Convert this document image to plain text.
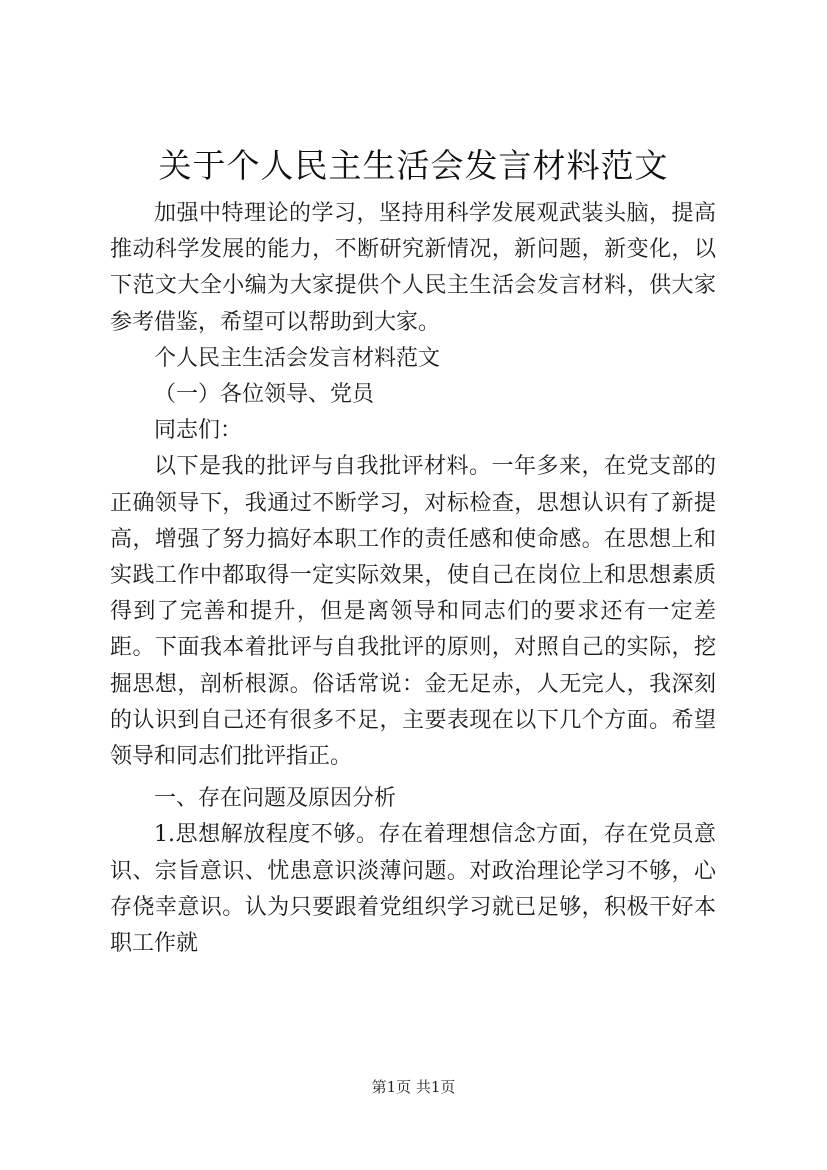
关于个人民主生活会发言材料范文

加强中特理论的学习，坚持用科学发展观武装头脑，提高推动科学发展的能力，不断研究新情况，新问题，新变化，以下范文大全小编为大家提供个人民主生活会发言材料，供大家参考借鉴，希望可以帮助到大家。

个人民主生活会发言材料范文

（一）各位领导、党员

同志们：

以下是我的批评与自我批评材料。一年多来，在党支部的正确领导下，我通过不断学习，对标检查，思想认识有了新提高，增强了努力搞好本职工作的责任感和使命感。在思想上和实践工作中都取得一定实际效果，使自己在岗位上和思想素质得到了完善和提升，但是离领导和同志们的要求还有一定差距。下面我本着批评与自我批评的原则，对照自己的实际，挖掘思想，剖析根源。俗话常说：金无足赤，人无完人，我深刻的认识到自己还有很多不足，主要表现在以下几个方面。希望领导和同志们批评指正。

一、存在问题及原因分析

1.思想解放程度不够。存在着理想信念方面，存在党员意识、宗旨意识、忧患意识淡薄问题。对政治理论学习不够，心存侥幸意识。认为只要跟着党组织学习就已足够，积极干好本职工作就

第1页 共1页
